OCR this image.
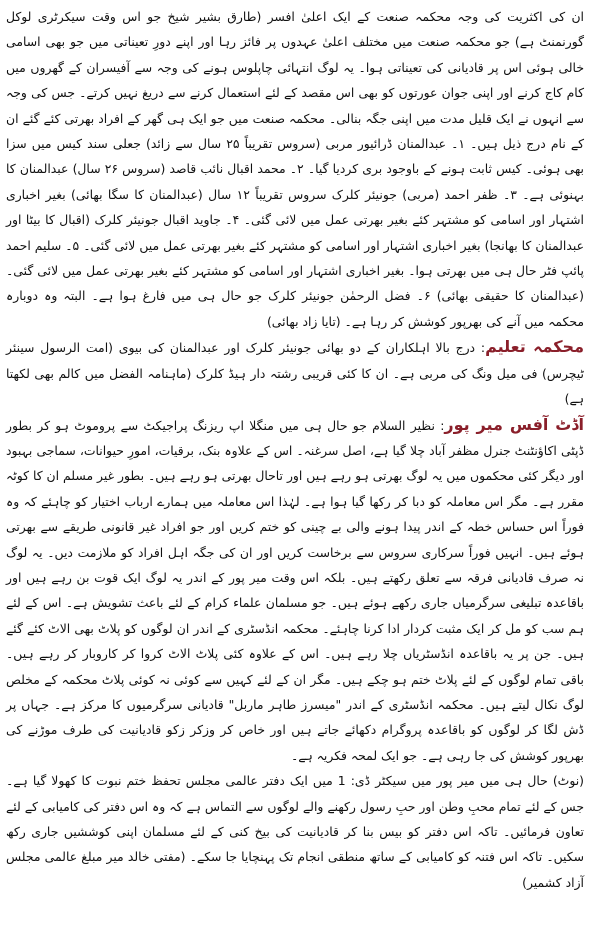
ان کی اکثریت کی وجہ محکمہ صنعت کے ایک اعلیٰ افسر (طارق بشیر شیخ جو اس وقت سیکرٹری لوکل گورنمنٹ ہے) جو محکمہ صنعت میں مختلف اعلیٰ عہدوں پر فائز رہا اور اپنے دورِ تعیناتی میں جو بھی اسامی خالی ہوئی اس پر قادیانی کی تعیناتی ہوا۔ یہ لوگ انتہائی چاپلوس ہونے کی وجہ سے آفیسران کے گھروں میں کام کاج کرنے اور اپنی جوان عورتوں کو بھی اس مقصد کے لئے استعمال کرنے سے دریغ نہیں کرتے۔ جس کی وجہ سے انہوں نے ایک قلیل مدت میں اپنی جگہ بنالی۔ محکمہ صنعت میں جو ایک ہی گھر کے افراد بھرتی کئے گئے ان کے نام درج ذیل ہیں۔ ۱۔ عبدالمنان ڈرائیور مربی (سروس تقریباً ۲۵ سال سے زائد) جعلی سند کیس میں سزا بھی ہوئی۔ کیس ثابت ہونے کے باوجود بری کردیا گیا۔ ۲۔ محمد اقبال نائب قاصد (سروس ۲۶ سال) عبدالمنان کا بہنوئی ہے۔ ۳۔ ظفر احمد (مربی) جونیئر کلرک سروس تقریباً ۱۲ سال (عبدالمنان کا سگا بھائی) بغیر اخباری اشتہار اور اسامی کو مشتہر کئے بغیر بھرتی عمل میں لائی گئی۔ ۴۔ جاوید اقبال جونیئر کلرک (اقبال کا بیٹا اور عبدالمنان کا بھانجا) بغیر اخباری اشتہار اور اسامی کو مشتہر کئے بغیر بھرتی عمل میں لائی گئی۔ ۵۔ سلیم احمد پائپ فٹر حال ہی میں بھرتی ہوا۔ بغیر اخباری اشتہار اور اسامی کو مشتہر کئے بغیر بھرتی عمل میں لائی گئی۔ (عبدالمنان کا حقیقی بھائی) ۶۔ فضل الرحمٰن جونیئر کلرک جو حال ہی میں فارغ ہوا ہے۔ البتہ وہ دوبارہ محکمہ میں آنے کی بھرپور کوشش کر رہا ہے۔ (تایا زاد بھائی)

محکمہ تعلیم: درج بالا اہلکاران کے دو بھائی جونیئر کلرک اور عبدالمنان کی بیوی (امت الرسول سینئر ٹیچرس) فی میل ونگ کی مربی ہے۔ ان کا کئی قریبی رشتہ دار ہیڈ کلرک (ماہنامہ الفضل میں کالم بھی لکھتا ہے)

آڈٹ آفس میر پور: نظیر السلام جو حال ہی میں منگلا اپ ریزنگ پراجیکٹ سے پروموٹ ہو کر بطور ڈپٹی اکاؤنٹنٹ جنرل مظفر آباد چلا گیا ہے، اصل سرغنہ۔ اس کے علاوہ بنک، برقیات، امورِ حیوانات، سماجی بہبود اور دیگر کئی محکموں میں یہ لوگ بھرتی ہو رہے ہیں اور تاحال بھرتی ہو رہے ہیں۔ بطور غیر مسلم ان کا کوٹہ مقرر ہے۔ مگر اس معاملہ کو دبا کر رکھا گیا ہوا ہے۔ لہٰذا اس معاملہ میں ہمارے ارباب اختیار کو چاہئے کہ وہ فوراً اس حساس خطہ کے اندر پیدا ہونے والی بے چینی کو ختم کریں اور جو افراد غیر قانونی طریقے سے بھرتی ہوئے ہیں۔ انہیں فوراً سرکاری سروس سے برخاست کریں اور ان کی جگہ اہل افراد کو ملازمت دیں۔ یہ لوگ نہ صرف قادیانی فرقہ سے تعلق رکھتے ہیں۔ بلکہ اس وقت میر پور کے اندر یہ لوگ ایک قوت بن رہے ہیں اور باقاعدہ تبلیغی سرگرمیاں جاری رکھے ہوئے ہیں۔ جو مسلمان علماء کرام کے لئے باعث تشویش ہے۔ اس کے لئے ہم سب کو مل کر ایک مثبت کردار ادا کرنا چاہئے۔ محکمہ انڈسٹری کے اندر ان لوگوں کو پلاٹ بھی الاٹ کئے گئے ہیں۔ جن پر یہ باقاعدہ انڈسٹریاں چلا رہے ہیں۔ اس کے علاوہ کئی پلاٹ الاٹ کروا کر کاروبار کر رہے ہیں۔ باقی تمام لوگوں کے لئے پلاٹ ختم ہو چکے ہیں۔ مگر ان کے لئے کہیں سے کوئی نہ کوئی پلاٹ محکمہ کے مخلص لوگ نکال لیتے ہیں۔ محکمہ انڈسٹری کے اندر "میسرز طاہر ماربل" قادیانی سرگرمیوں کا مرکز ہے۔ جہاں پر ڈش لگا کر لوگوں کو باقاعدہ پروگرام دکھائے جاتے ہیں اور خاص کر وزکر زکو قادیانیت کی طرف موڑنے کی بھرپور کوشش کی جا رہی ہے۔ جو ایک لمحہ فکریہ ہے۔

(نوٹ) حال ہی میں میر پور میں سیکٹر ڈی: 1 میں ایک دفتر عالمی مجلس تحفظ ختم نبوت کا کھولا گیا ہے۔ جس کے لئے تمام محبِ وطن اور حبِ رسول رکھنے والے لوگوں سے التماس ہے کہ وہ اس دفتر کی کامیابی کے لئے تعاون فرمائیں۔ تاکہ اس دفتر کو بیس بنا کر قادیانیت کی بیخ کنی کے لئے مسلمان اپنی کوششیں جاری رکھ سکیں۔ تاکہ اس فتنہ کو کامیابی کے ساتھ منطقی انجام تک پہنچایا جا سکے۔ (مفتی خالد میر مبلغ عالمی مجلس آزاد کشمیر)
